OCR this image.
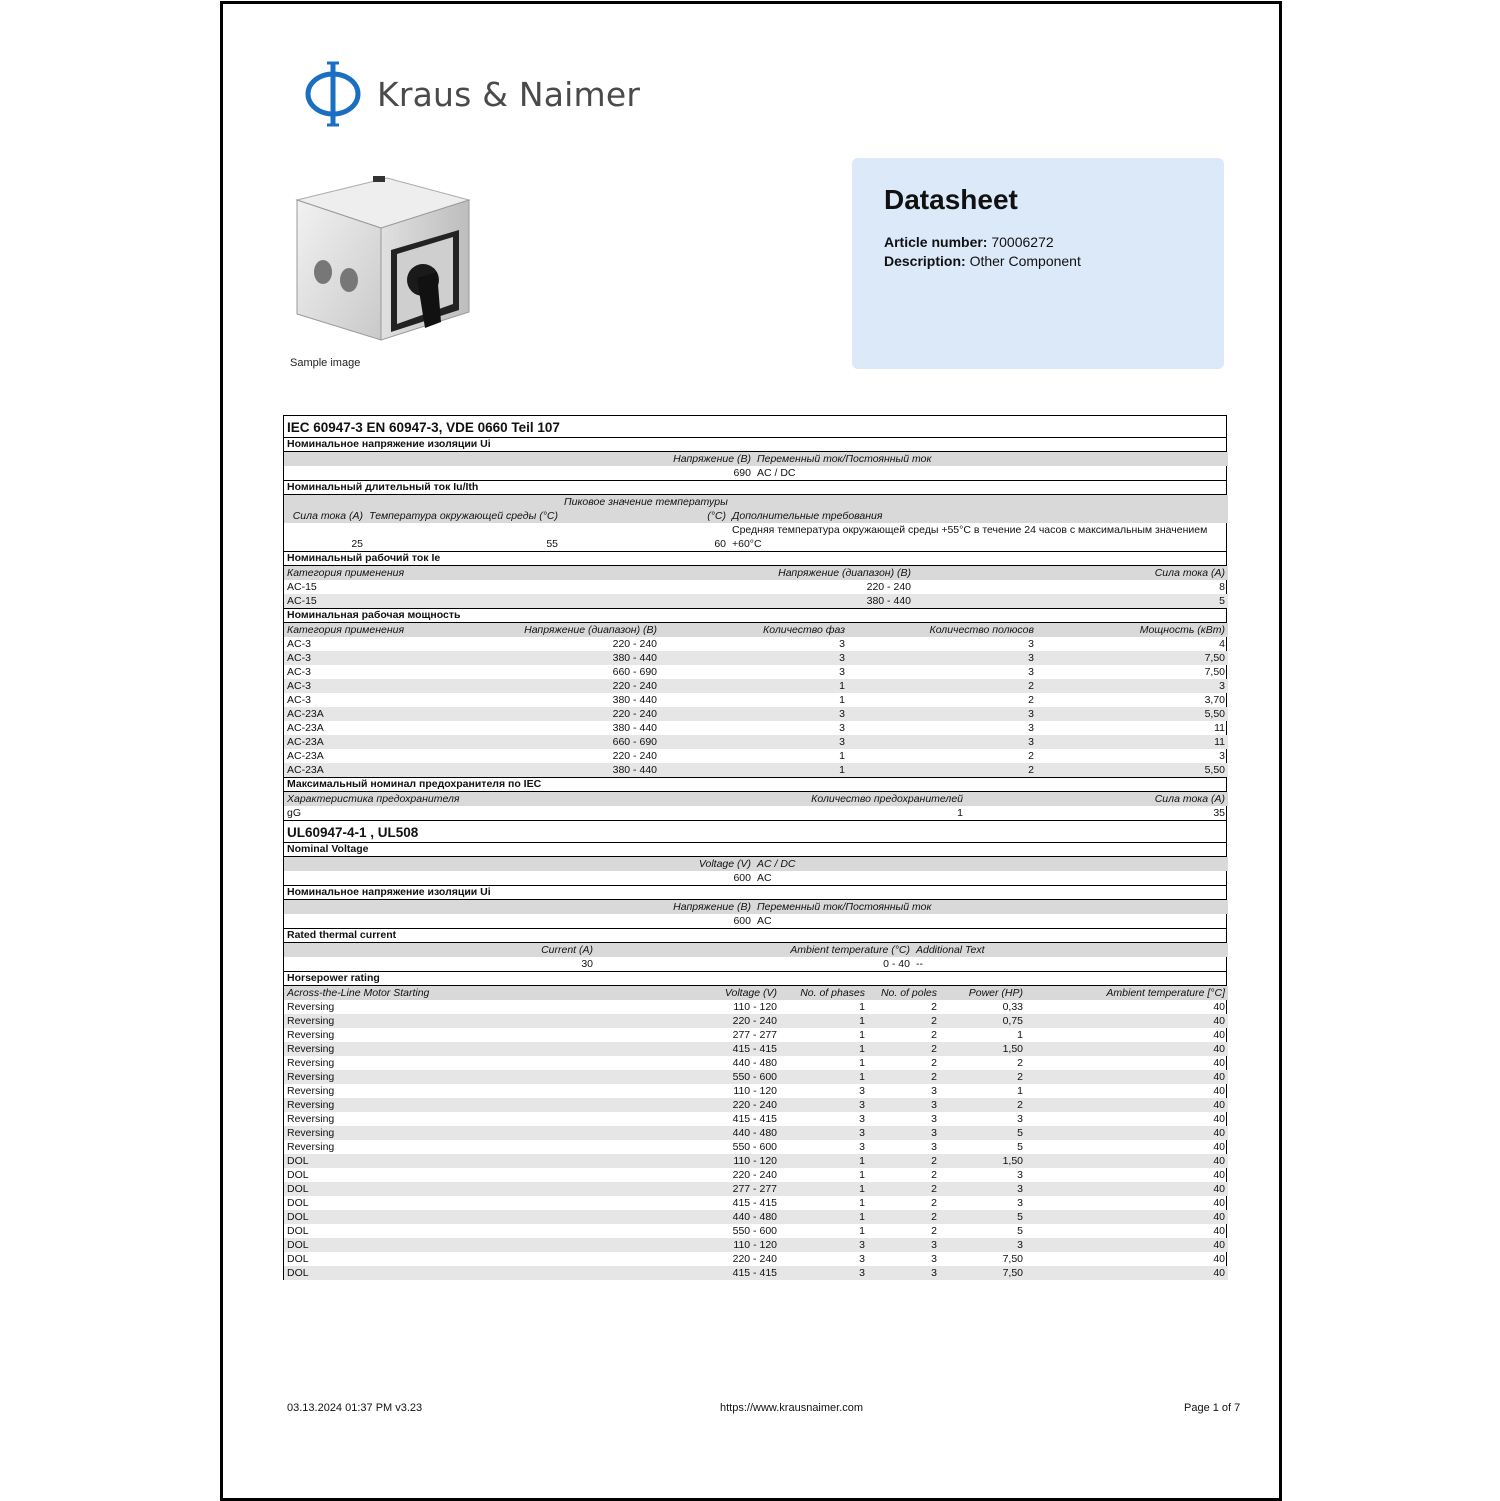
Kraus & Naimer
Sample image
Datasheet
Article number: 70006272
Description: Other Component
IEC 60947-3 EN 60947-3, VDE 0660 Teil 107
Номинальное напряжение изоляции Ui
Напряжение (В)	Переменный ток/Постоянный ток
690	AC / DC
Номинальный длительный ток Iu/Ith
		Пиковое значение температуры	
Сила тока (A)	Температура окружающей среды (°C)	(°C)	Дополнительные требования
			Средняя температура окружающей среды +55°C в течение 24 часов с максимальным значением
25	55	60	+60°C
Номинальный рабочий ток Ie
Категория применения	Напряжение (диапазон) (В)	Сила тока (A)
AC-15	220 - 240	8
AC-15	380 - 440	5
Номинальная рабочая мощность
Категория применения	Напряжение (диапазон) (В)	Количество фаз	Количество полюсов	Мощность (кВт)
AC-3	220 - 240	3	3	4
AC-3	380 - 440	3	3	7,50
AC-3	660 - 690	3	3	7,50
AC-3	220 - 240	1	2	3
AC-3	380 - 440	1	2	3,70
AC-23A	220 - 240	3	3	5,50
AC-23A	380 - 440	3	3	11
AC-23A	660 - 690	3	3	11
AC-23A	220 - 240	1	2	3
AC-23A	380 - 440	1	2	5,50
Максимальный номинал предохранителя по IEC
Характеристика предохранителя	Количество предохранителей	Сила тока (A)
gG	1	35
UL60947-4-1 , UL508
Nominal Voltage
Voltage (V)	AC / DC
600	AC
Номинальное напряжение изоляции Ui
Напряжение (В)	Переменный ток/Постоянный ток
600	AC
Rated thermal current
Current (A)	Ambient temperature (°C)	Additional Text
30	0 - 40	--
Horsepower rating
Across-the-Line Motor Starting	Voltage (V)	No. of phases	No. of poles	Power (HP)	Ambient temperature [°C]
Reversing	110 - 120	1	2	0,33	40
Reversing	220 - 240	1	2	0,75	40
Reversing	277 - 277	1	2	1	40
Reversing	415 - 415	1	2	1,50	40
Reversing	440 - 480	1	2	2	40
Reversing	550 - 600	1	2	2	40
Reversing	110 - 120	3	3	1	40
Reversing	220 - 240	3	3	2	40
Reversing	415 - 415	3	3	3	40
Reversing	440 - 480	3	3	5	40
Reversing	550 - 600	3	3	5	40
DOL	110 - 120	1	2	1,50	40
DOL	220 - 240	1	2	3	40
DOL	277 - 277	1	2	3	40
DOL	415 - 415	1	2	3	40
DOL	440 - 480	1	2	5	40
DOL	550 - 600	1	2	5	40
DOL	110 - 120	3	3	3	40
DOL	220 - 240	3	3	7,50	40
DOL	415 - 415	3	3	7,50	40
03.13.2024 01:37 PM v3.23	https://www.krausnaimer.com	Page 1 of 7
